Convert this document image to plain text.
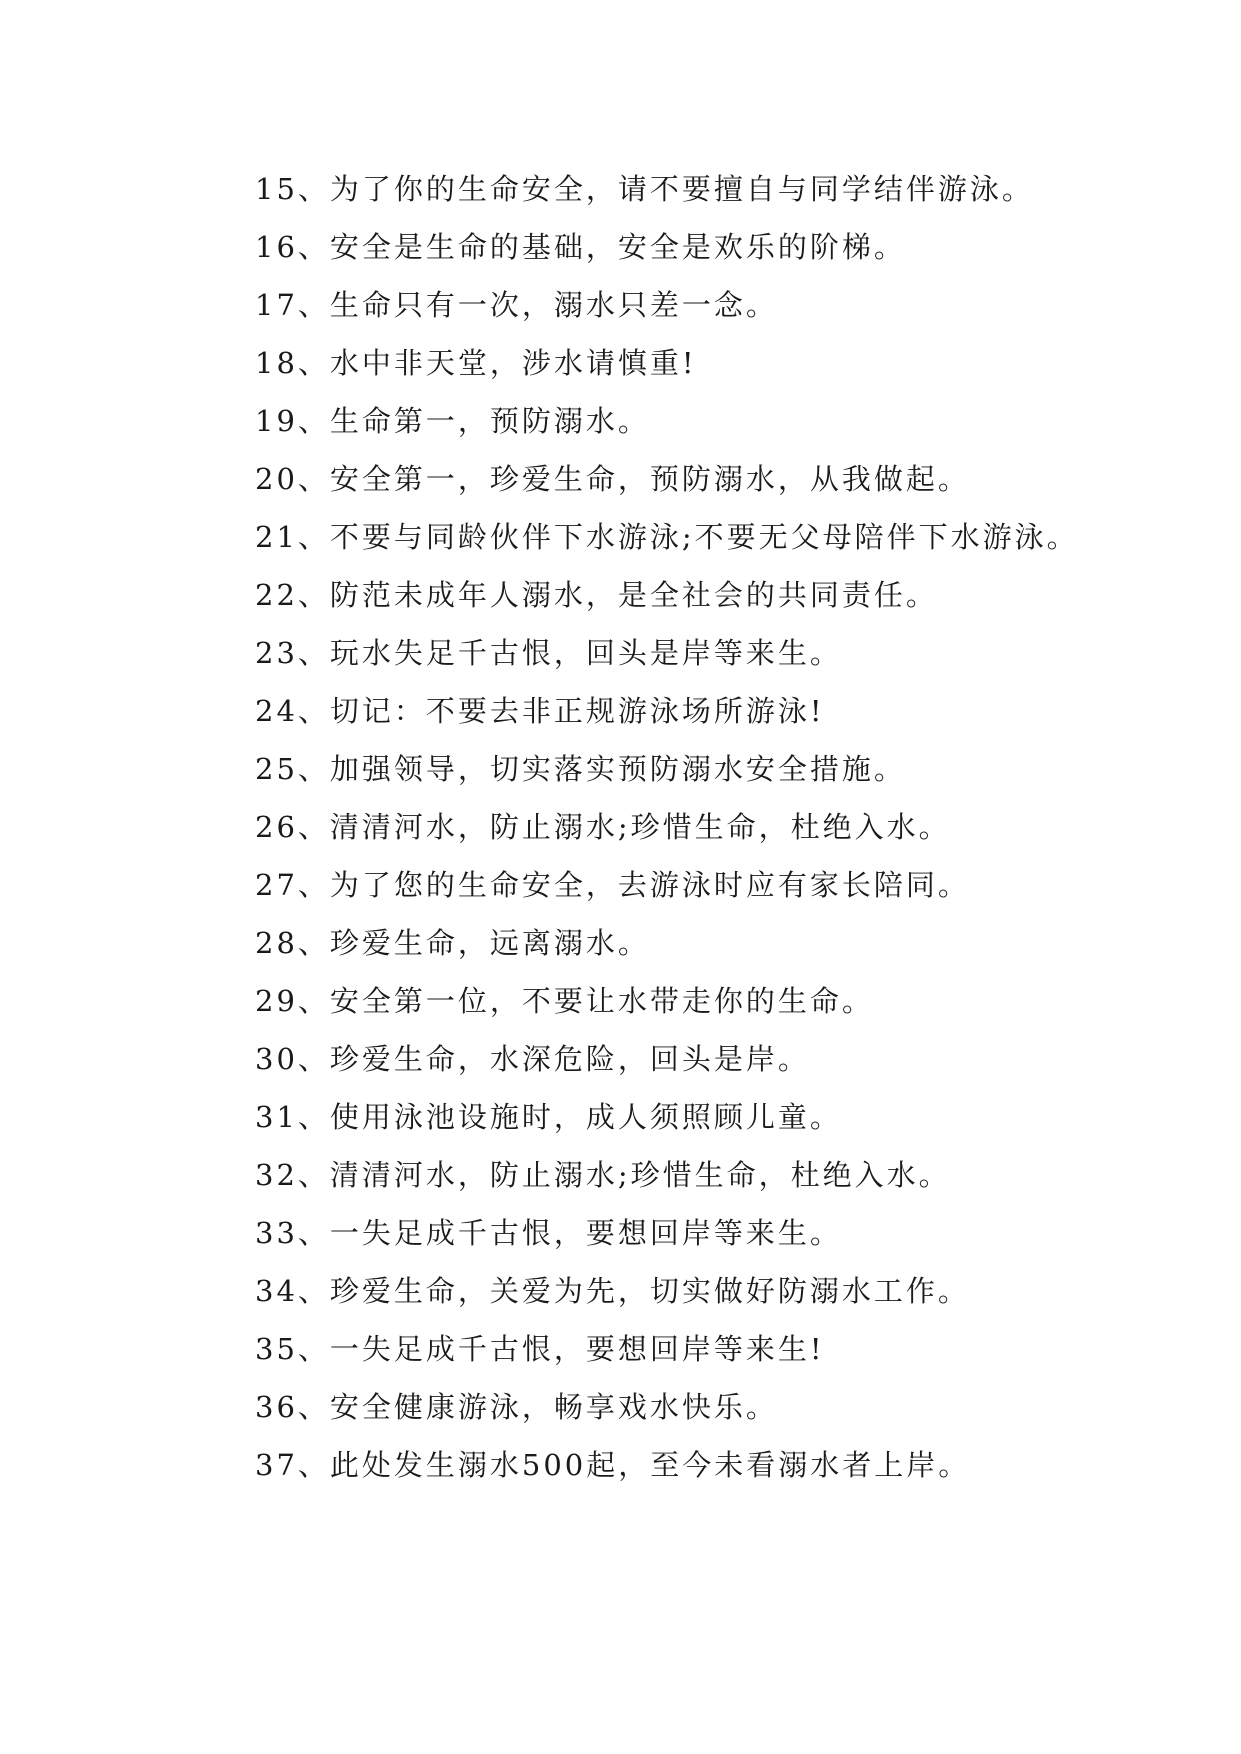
15、为了你的生命安全，请不要擅自与同学结伴游泳。

16、安全是生命的基础，安全是欢乐的阶梯。

17、生命只有一次，溺水只差一念。

18、水中非天堂，涉水请慎重!

19、生命第一，预防溺水。

20、安全第一，珍爱生命，预防溺水，从我做起。

21、不要与同龄伙伴下水游泳;不要无父母陪伴下水游泳。

22、防范未成年人溺水，是全社会的共同责任。

23、玩水失足千古恨，回头是岸等来生。

24、切记：不要去非正规游泳场所游泳!

25、加强领导，切实落实预防溺水安全措施。

26、清清河水，防止溺水;珍惜生命，杜绝入水。

27、为了您的生命安全，去游泳时应有家长陪同。

28、珍爱生命，远离溺水。

29、安全第一位，不要让水带走你的生命。

30、珍爱生命，水深危险，回头是岸。

31、使用泳池设施时，成人须照顾儿童。

32、清清河水，防止溺水;珍惜生命，杜绝入水。

33、一失足成千古恨，要想回岸等来生。

34、珍爱生命，关爱为先，切实做好防溺水工作。

35、一失足成千古恨，要想回岸等来生!

36、安全健康游泳，畅享戏水快乐。

37、此处发生溺水500起，至今未看溺水者上岸。
